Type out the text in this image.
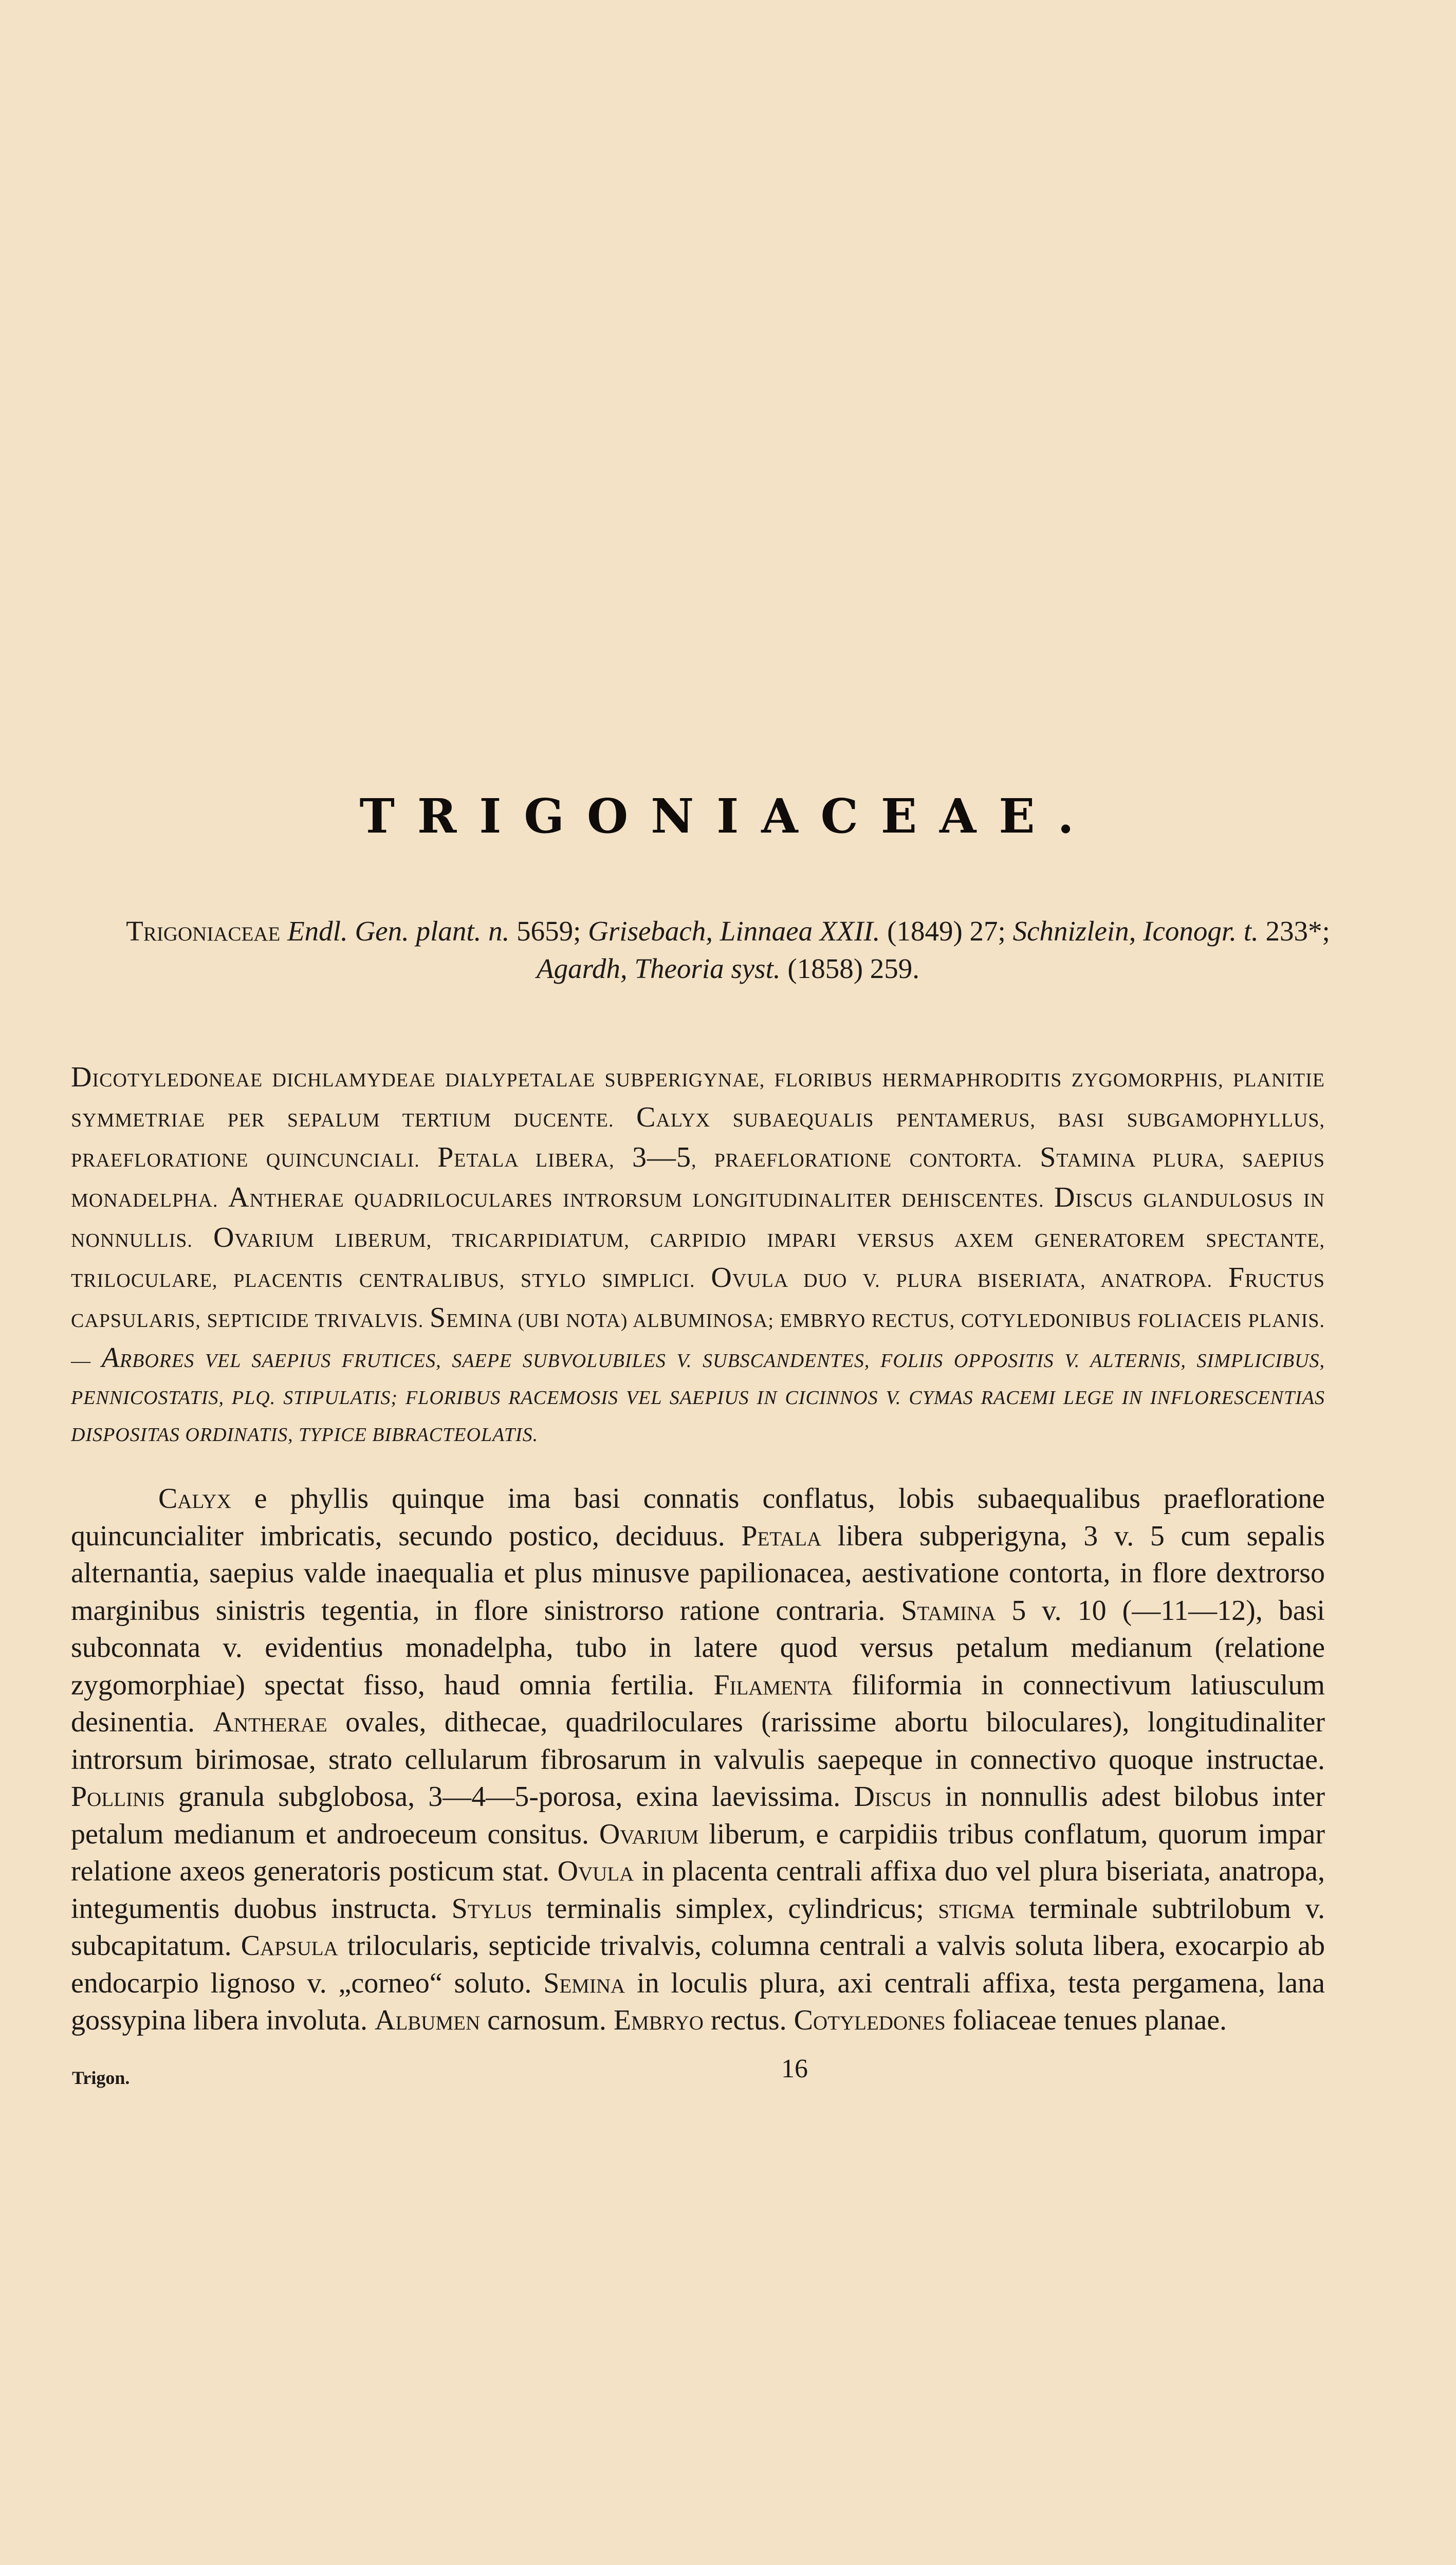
TRIGONIACEAE.
Trigoniaceae Endl. Gen. plant. n. 5659; Grisebach, Linnaea XXII. (1849) 27; Schnizlein, Iconogr. t. 233*; Agardh, Theoria syst. (1858) 259.
DICOTYLEDONEAE DICHLAMYDEAE DIALYPETALAE SUBPERIGYNAE, FLORIBUS HERMAPHRODITIS ZYGOMORPHIS, PLANITIE SYMMETRIAE PER SEPALUM TERTIUM DUCENTE. CALYX SUBAEQUALIS PENTAMERUS, BASI SUBGAMOPHYLLUS, PRAEFLORATIONE QUINCUNCIALI. PETALA LIBERA, 3—5, PRAEFLORATIONE CONTORTA. STAMINA PLURA, SAEPIUS MONADELPHA. ANTHERAE QUADRILOCULARES INTRORSUM LONGITUDINALITER DEHISCENTES. DISCUS GLANDULOSUS IN NONNULLIS. OVARIUM LIBERUM, TRICARPIDIATUM, CARPIDIO IMPARI VERSUS AXEM GENERATOREM SPECTANTE, TRILOCULARE, PLACENTIS CENTRALIBUS, STYLO SIMPLICI. OVULA DUO V. PLURA BISERIATA, ANATROPA. FRUCTUS CAPSULARIS, SEPTICIDE TRIVALVIS. SEMINA (UBI NOTA) ALBUMINOSA; EMBRYO RECTUS, COTYLEDONIBUS FOLIACEIS PLANIS. — ARBORES VEL SAEPIUS FRUTICES, SAEPE SUBVOLUBILES V. SUBSCANDENTES, FOLIIS OPPOSITIS V. ALTERNIS, SIMPLICIBUS, PENNICOSTATIS, PLQ. STIPULATIS; FLORIBUS RACEMOSIS VEL SAEPIUS IN CICINNOS V. CYMAS RACEMI LEGE IN INFLORESCENTIAS DISPOSITAS ORDINATIS, TYPICE BIBRACTEOLATIS.
Calyx e phyllis quinque ima basi connatis conflatus, lobis subaequalibus praefloratione quincuncialiter imbricatis, secundo postico, deciduus. Petala libera subperigyna, 3 v. 5 cum sepalis alternantia, saepius valde inaequalia et plus minusve papilionacea, aestivatione contorta, in flore dextrorso marginibus sinistris tegentia, in flore sinistrorso ratione contraria. Stamina 5 v. 10 (—11—12), basi subconnata v. evidentius monadelpha, tubo in latere quod versus petalum medianum (relatione zygomorphiae) spectat fisso, haud omnia fertilia. Filamenta filiformia in connectivum latiusculum desinentia. Antherae ovales, dithecae, quadriloculares (rarissime abortu biloculares), longitudinaliter introrsum birimosae, strato cellularum fibrosarum in valvulis saepeque in connectivo quoque instructae. Pollinis granula subglobosa, 3—4—5-porosa, exina laevissima. Discus in nonnullis adest bilobus inter petalum medianum et androeceum consitus. Ovarium liberum, e carpidiis tribus conflatum, quorum impar relatione axeos generatoris posticum stat. Ovula in placenta centrali affixa duo vel plura biseriata, anatropa, integumentis duobus instructa. Stylus terminalis simplex, cylindricus; stigma terminale subtrilobum v. subcapitatum. Capsula trilocularis, septicide trivalvis, columna centrali a valvis soluta libera, exocarpio ab endocarpio lignoso v. „corneo“ soluto. Semina in loculis plura, axi centrali affixa, testa pergamena, lana gossypina libera involuta. Albumen carnosum. Embryo rectus. Cotyledones foliaceae tenues planae.
Trigon.	16
